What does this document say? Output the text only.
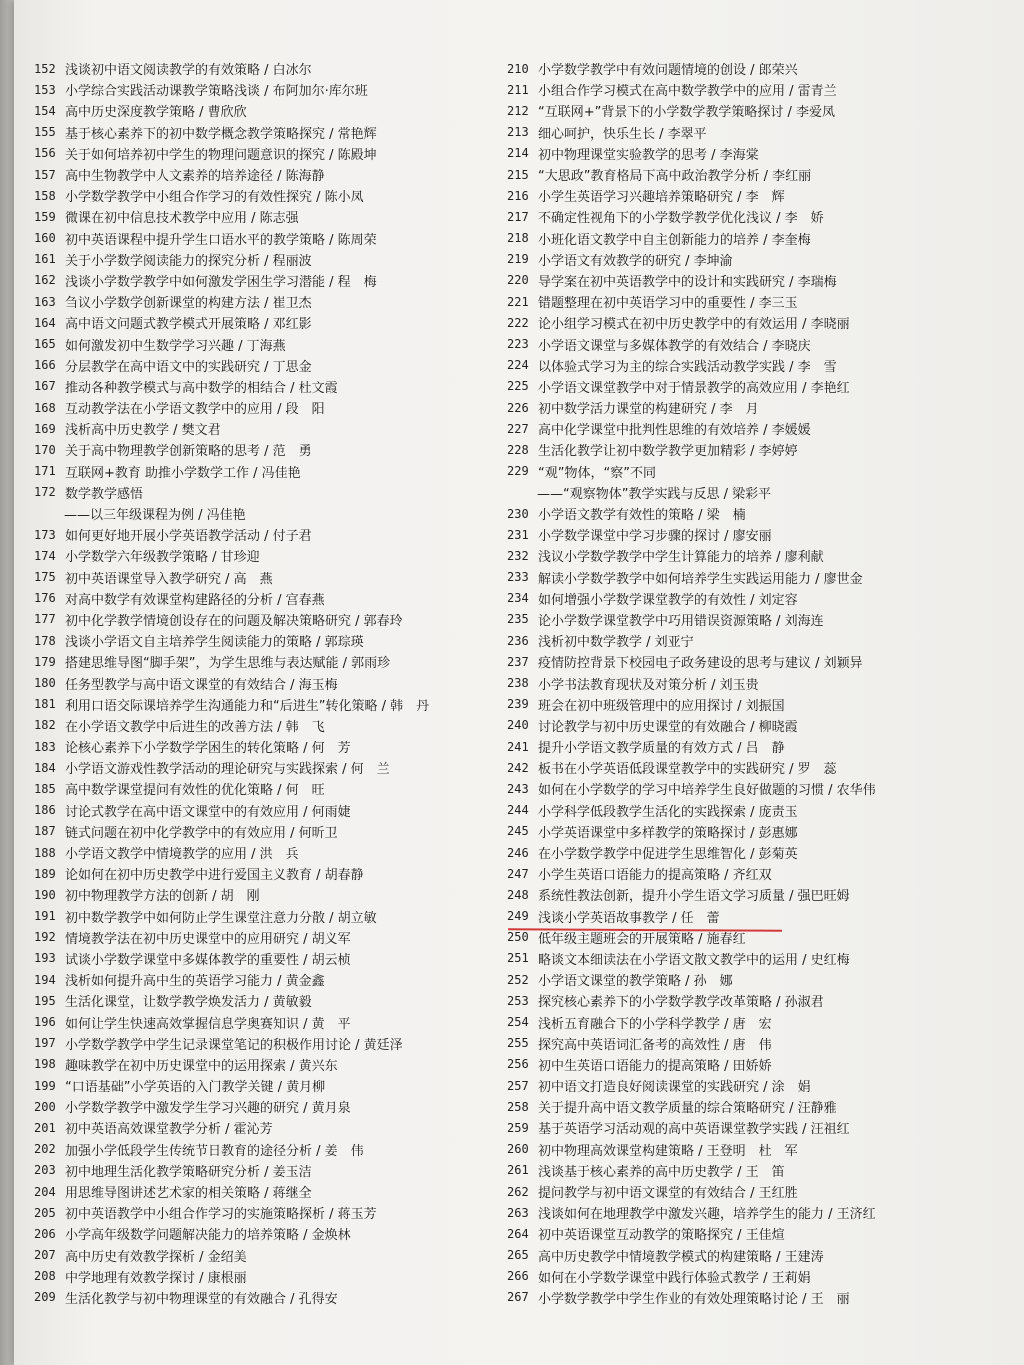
152 浅谈初中语文阅读教学的有效策略 / 白冰尔
153 小学综合实践活动课教学策略浅谈 / 布阿加尔·库尔班
154 高中历史深度教学策略 / 曹欣欣
155 基于核心素养下的初中数学概念教学策略探究 / 常艳辉
156 关于如何培养初中学生的物理问题意识的探究 / 陈殿坤
157 高中生物教学中人文素养的培养途径 / 陈海静
158 小学数学教学中小组合作学习的有效性探究 / 陈小凤
159 微课在初中信息技术教学中应用 / 陈志强
160 初中英语课程中提升学生口语水平的教学策略 / 陈周荣
161 关于小学数学阅读能力的探究分析 / 程丽波
162 浅谈小学数学教学中如何激发学困生学习潜能 / 程　梅
163 刍议小学数学创新课堂的构建方法 / 崔卫杰
164 高中语文问题式教学模式开展策略 / 邓红影
165 如何激发初中生数学学习兴趣 / 丁海燕
166 分层教学在高中语文中的实践研究 / 丁思金
167 推动各种教学模式与高中数学的相结合 / 杜文霞
168 互动教学法在小学语文教学中的应用 / 段　阳
169 浅析高中历史教学 / 樊文君
170 关于高中物理教学创新策略的思考 / 范　勇
171 互联网+教育 助推小学数学工作 / 冯佳艳
172 数学教学感悟
——以三年级课程为例 / 冯佳艳
173 如何更好地开展小学英语教学活动 / 付子君
174 小学数学六年级教学策略 / 甘珍迎
175 初中英语课堂导入教学研究 / 高　燕
176 对高中数学有效课堂构建路径的分析 / 宫春燕
177 初中化学教学情境创设存在的问题及解决策略研究 / 郭春玲
178 浅谈小学语文自主培养学生阅读能力的策略 / 郭琮瑛
179 搭建思维导图“脚手架”，为学生思维与表达赋能 / 郭雨珍
180 任务型教学与高中语文课堂的有效结合 / 海玉梅
181 利用口语交际课培养学生沟通能力和“后进生”转化策略 / 韩　丹
182 在小学语文教学中后进生的改善方法 / 韩　飞
183 论核心素养下小学数学学困生的转化策略 / 何　芳
184 小学语文游戏性教学活动的理论研究与实践探索 / 何　兰
185 高中数学课堂提问有效性的优化策略 / 何　旺
186 讨论式教学在高中语文课堂中的有效应用 / 何雨婕
187 链式问题在初中化学教学中的有效应用 / 何昕卫
188 小学语文教学中情境教学的应用 / 洪　兵
189 论如何在初中历史教学中进行爱国主义教育 / 胡春静
190 初中物理教学方法的创新 / 胡　刚
191 初中数学教学中如何防止学生课堂注意力分散 / 胡立敏
192 情境教学法在初中历史课堂中的应用研究 / 胡义军
193 试谈小学数学课堂中多媒体教学的重要性 / 胡云桢
194 浅析如何提升高中生的英语学习能力 / 黄金鑫
195 生活化课堂，让数学教学焕发活力 / 黄敏毅
196 如何让学生快速高效掌握信息学奥赛知识 / 黄　平
197 小学数学教学中学生记录课堂笔记的积极作用讨论 / 黄廷泽
198 趣味教学在初中历史课堂中的运用探索 / 黄兴东
199 “口语基础”小学英语的入门教学关键 / 黄月柳
200 小学数学教学中激发学生学习兴趣的研究 / 黄月泉
201 初中英语高效课堂教学分析 / 霍沁芳
202 加强小学低段学生传统节日教育的途径分析 / 姜　伟
203 初中地理生活化教学策略研究分析 / 姜玉洁
204 用思维导图讲述艺术家的相关策略 / 蒋继全
205 初中英语教学中小组合作学习的实施策略探析 / 蒋玉芳
206 小学高年级数学问题解决能力的培养策略 / 金焕林
207 高中历史有效教学探析 / 金绍美
208 中学地理有效教学探讨 / 康根丽
209 生活化教学与初中物理课堂的有效融合 / 孔得安
210 小学数学教学中有效问题情境的创设 / 郎荣兴
211 小组合作学习模式在高中数学教学中的应用 / 雷青兰
212 “互联网+”背景下的小学数学教学策略探讨 / 李爱凤
213 细心呵护，快乐生长 / 李翠平
214 初中物理课堂实验教学的思考 / 李海棠
215 “大思政”教育格局下高中政治教学分析 / 李红丽
216 小学生英语学习兴趣培养策略研究 / 李　辉
217 不确定性视角下的小学数学教学优化浅议 / 李　娇
218 小班化语文教学中自主创新能力的培养 / 李奎梅
219 小学语文有效教学的研究 / 李坤渝
220 导学案在初中英语教学中的设计和实践研究 / 李瑞梅
221 错题整理在初中英语学习中的重要性 / 李三玉
222 论小组学习模式在初中历史教学中的有效运用 / 李晓丽
223 小学语文课堂与多媒体教学的有效结合 / 李晓庆
224 以体验式学习为主的综合实践活动教学实践 / 李　雪
225 小学语文课堂教学中对于情景教学的高效应用 / 李艳红
226 初中数学活力课堂的构建研究 / 李　月
227 高中化学课堂中批判性思维的有效培养 / 李媛媛
228 生活化教学让初中数学教学更加精彩 / 李婷婷
229 “观”物体，“察”不同
——“观察物体”教学实践与反思 / 梁彩平
230 小学语文教学有效性的策略 / 梁　楠
231 小学数学课堂中学习步骤的探讨 / 廖安丽
232 浅议小学数学教学中学生计算能力的培养 / 廖利献
233 解读小学数学教学中如何培养学生实践运用能力 / 廖世金
234 如何增强小学数学课堂教学的有效性 / 刘定容
235 论小学数学课堂教学中巧用错误资源策略 / 刘海连
236 浅析初中数学教学 / 刘亚宁
237 疫情防控背景下校园电子政务建设的思考与建议 / 刘颖异
238 小学书法教育现状及对策分析 / 刘玉贵
239 班会在初中班级管理中的应用探讨 / 刘振国
240 讨论教学与初中历史课堂的有效融合 / 柳晓霞
241 提升小学语文教学质量的有效方式 / 吕　静
242 板书在小学英语低段课堂教学中的实践研究 / 罗　蕊
243 如何在小学数学的学习中培养学生良好做题的习惯 / 农华伟
244 小学科学低段教学生活化的实践探索 / 庞责玉
245 小学英语课堂中多样教学的策略探讨 / 彭惠娜
246 在小学数学教学中促进学生思维智化 / 彭菊英
247 小学生英语口语能力的提高策略 / 齐红双
248 系统性教法创新，提升小学生语文学习质量 / 强巴旺姆
249 浅谈小学英语故事教学 / 任　蕾
250 低年级主题班会的开展策略 / 施春红
251 略谈文本细读法在小学语文散文教学中的运用 / 史红梅
252 小学语文课堂的教学策略 / 孙　娜
253 探究核心素养下的小学数学教学改革策略 / 孙淑君
254 浅析五育融合下的小学科学教学 / 唐　宏
255 探究高中英语词汇备考的高效性 / 唐　伟
256 初中生英语口语能力的提高策略 / 田娇娇
257 初中语文打造良好阅读课堂的实践研究 / 涂　娟
258 关于提升高中语文教学质量的综合策略研究 / 汪静雅
259 基于英语学习活动观的高中英语课堂教学实践 / 汪祖红
260 初中物理高效课堂构建策略 / 王登明　杜　军
261 浅谈基于核心素养的高中历史教学 / 王　笛
262 提问教学与初中语文课堂的有效结合 / 王红胜
263 浅谈如何在地理教学中激发兴趣，培养学生的能力 / 王济红
264 初中英语课堂互动教学的策略探究 / 王佳煊
265 高中历史教学中情境教学模式的构建策略 / 王建涛
266 如何在小学数学课堂中践行体验式教学 / 王莉娟
267 小学数学教学中学生作业的有效处理策略讨论 / 王　丽
